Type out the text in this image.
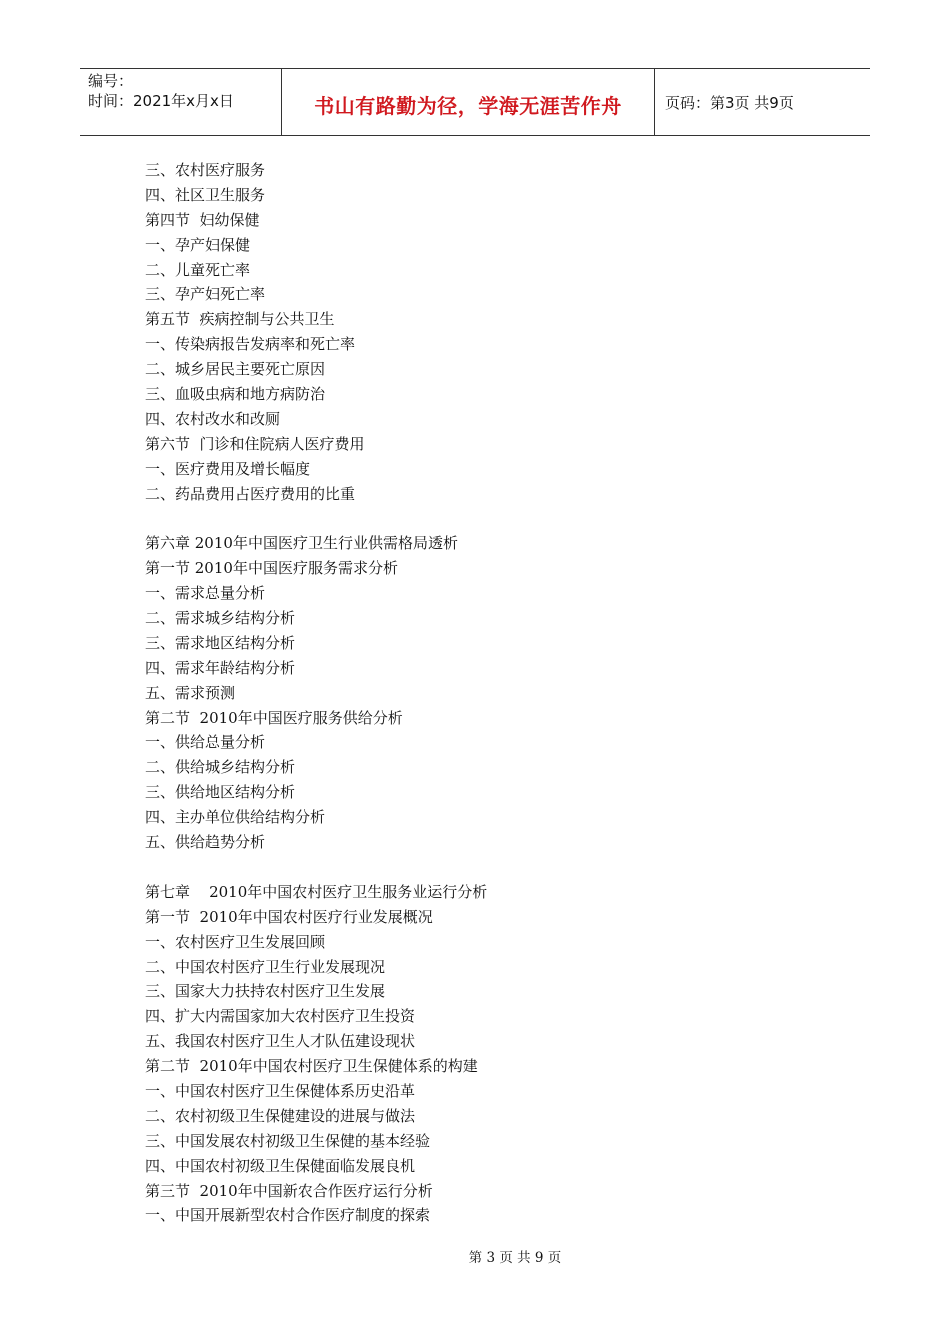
编号：
时间：2021年x月x日	书山有路勤为径，学海无涯苦作舟	页码：第3页 共9页
三、农村医疗服务
四、社区卫生服务
第四节  妇幼保健
一、孕产妇保健
二、儿童死亡率
三、孕产妇死亡率
第五节  疾病控制与公共卫生
一、传染病报告发病率和死亡率
二、城乡居民主要死亡原因
三、血吸虫病和地方病防治
四、农村改水和改厕
第六节  门诊和住院病人医疗费用
一、医疗费用及增长幅度
二、药品费用占医疗费用的比重
第六章 2010年中国医疗卫生行业供需格局透析
第一节 2010年中国医疗服务需求分析
一、需求总量分析
二、需求城乡结构分析
三、需求地区结构分析
四、需求年龄结构分析
五、需求预测
第二节  2010年中国医疗服务供给分析
一、供给总量分析
二、供给城乡结构分析
三、供给地区结构分析
四、主办单位供给结构分析
五、供给趋势分析
第七章    2010年中国农村医疗卫生服务业运行分析
第一节  2010年中国农村医疗行业发展概况
一、农村医疗卫生发展回顾
二、中国农村医疗卫生行业发展现况
三、国家大力扶持农村医疗卫生发展
四、扩大内需国家加大农村医疗卫生投资
五、我国农村医疗卫生人才队伍建设现状
第二节  2010年中国农村医疗卫生保健体系的构建
一、中国农村医疗卫生保健体系历史沿革
二、农村初级卫生保健建设的进展与做法
三、中国发展农村初级卫生保健的基本经验
四、中国农村初级卫生保健面临发展良机
第三节  2010年中国新农合作医疗运行分析
一、中国开展新型农村合作医疗制度的探索
第 3 页 共 9 页
